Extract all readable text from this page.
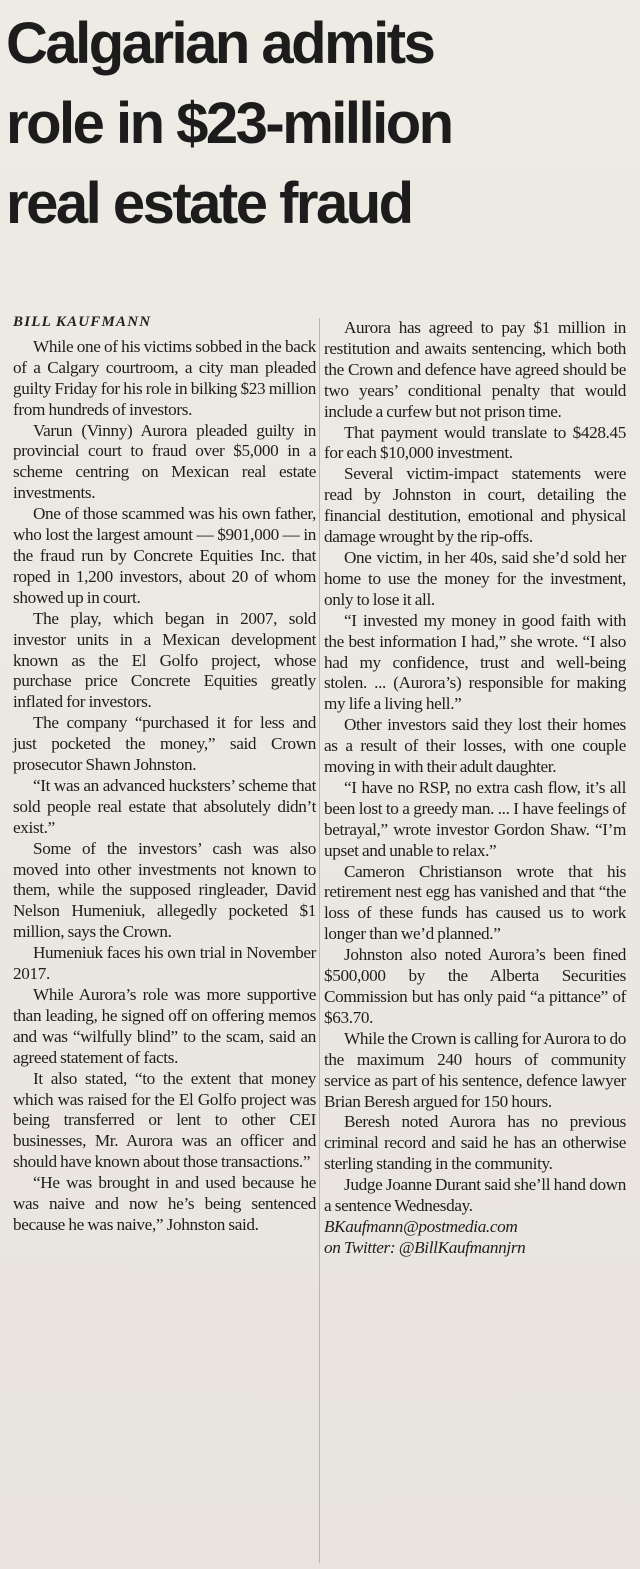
Calgarian admits
role in $23-million
real estate fraud

BILL KAUFMANN

While one of his victims sobbed in the back of a Calgary courtroom, a city man pleaded guilty Friday for his role in bilking $23 million from hundreds of investors.

Varun (Vinny) Aurora pleaded guilty in provincial court to fraud over $5,000 in a scheme centring on Mexican real estate investments.

One of those scammed was his own father, who lost the largest amount — $901,000 — in the fraud run by Concrete Equities Inc. that roped in 1,200 investors, about 20 of whom showed up in court.

The play, which began in 2007, sold investor units in a Mexican development known as the El Golfo project, whose purchase price Concrete Equities greatly inflated for investors.

The company “purchased it for less and just pocketed the money,” said Crown prosecutor Shawn Johnston.

“It was an advanced hucksters’ scheme that sold people real estate that absolutely didn’t exist.”

Some of the investors’ cash was also moved into other investments not known to them, while the supposed ringleader, David Nelson Humeniuk, allegedly pocketed $1 million, says the Crown.

Humeniuk faces his own trial in November 2017.

While Aurora’s role was more supportive than leading, he signed off on offering memos and was “wilfully blind” to the scam, said an agreed statement of facts.

It also stated, “to the extent that money which was raised for the El Golfo project was being transferred or lent to other CEI businesses, Mr. Aurora was an officer and should have known about those transactions.”

“He was brought in and used because he was naive and now he’s being sentenced because he was naive,” Johnston said.

Aurora has agreed to pay $1 million in restitution and awaits sentencing, which both the Crown and defence have agreed should be two years’ conditional penalty that would include a curfew but not prison time.

That payment would translate to $428.45 for each $10,000 investment.

Several victim-impact statements were read by Johnston in court, detailing the financial destitution, emotional and physical damage wrought by the rip-offs.

One victim, in her 40s, said she’d sold her home to use the money for the investment, only to lose it all.

“I invested my money in good faith with the best information I had,” she wrote. “I also had my confidence, trust and well-being stolen. ... (Aurora’s) responsible for making my life a living hell.”

Other investors said they lost their homes as a result of their losses, with one couple moving in with their adult daughter.

“I have no RSP, no extra cash flow, it’s all been lost to a greedy man. ... I have feelings of betrayal,” wrote investor Gordon Shaw. “I’m upset and unable to relax.”

Cameron Christianson wrote that his retirement nest egg has vanished and that “the loss of these funds has caused us to work longer than we’d planned.”

Johnston also noted Aurora’s been fined $500,000 by the Alberta Securities Commission but has only paid “a pittance” of $63.70.

While the Crown is calling for Aurora to do the maximum 240 hours of community service as part of his sentence, defence lawyer Brian Beresh argued for 150 hours.

Beresh noted Aurora has no previous criminal record and said he has an otherwise sterling standing in the community.

Judge Joanne Durant said she’ll hand down a sentence Wednesday.

BKaufmann@postmedia.com

on Twitter: @BillKaufmannjrn
